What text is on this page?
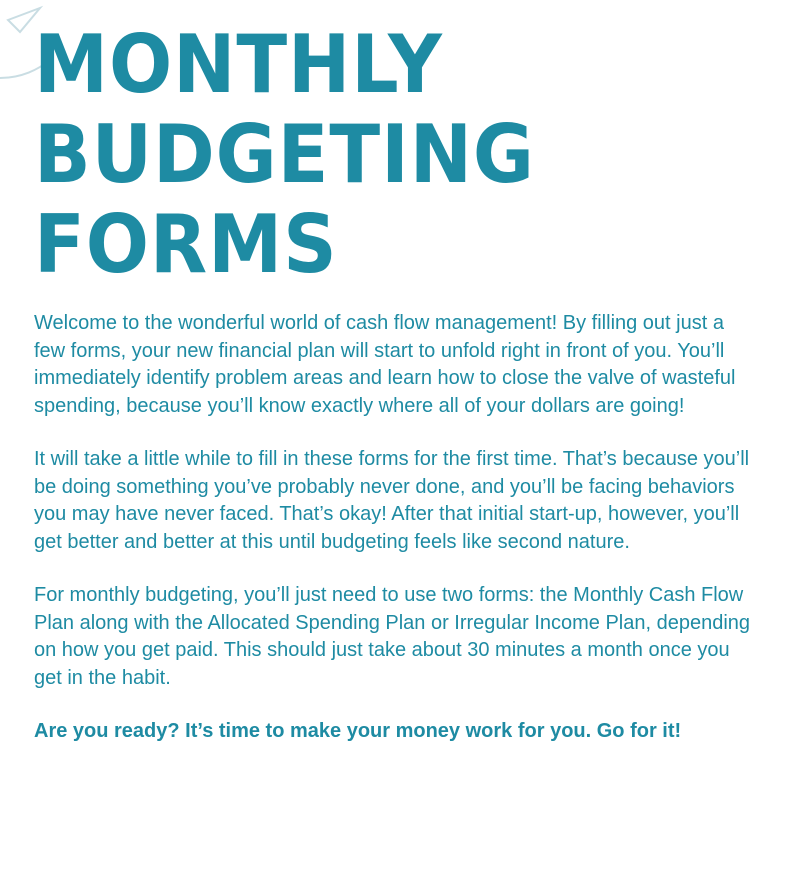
MONTHLY
BUDGETING
FORMS

Welcome to the wonderful world of cash flow management! By filling out just a few forms, your new financial plan will start to unfold right in front of you. You’ll immediately identify problem areas and learn how to close the valve of wasteful spending, because you’ll know exactly where all of your dollars are going!

It will take a little while to fill in these forms for the first time. That’s because you’ll be doing something you’ve probably never done, and you’ll be facing behaviors you may have never faced. That’s okay! After that initial start-up, however, you’ll get better and better at this until budgeting feels like second nature.

For monthly budgeting, you’ll just need to use two forms: the Monthly Cash Flow Plan along with the Allocated Spending Plan or Irregular Income Plan, depending on how you get paid. This should just take about 30 minutes a month once you get in the habit.

Are you ready? It’s time to make your money work for you. Go for it!
